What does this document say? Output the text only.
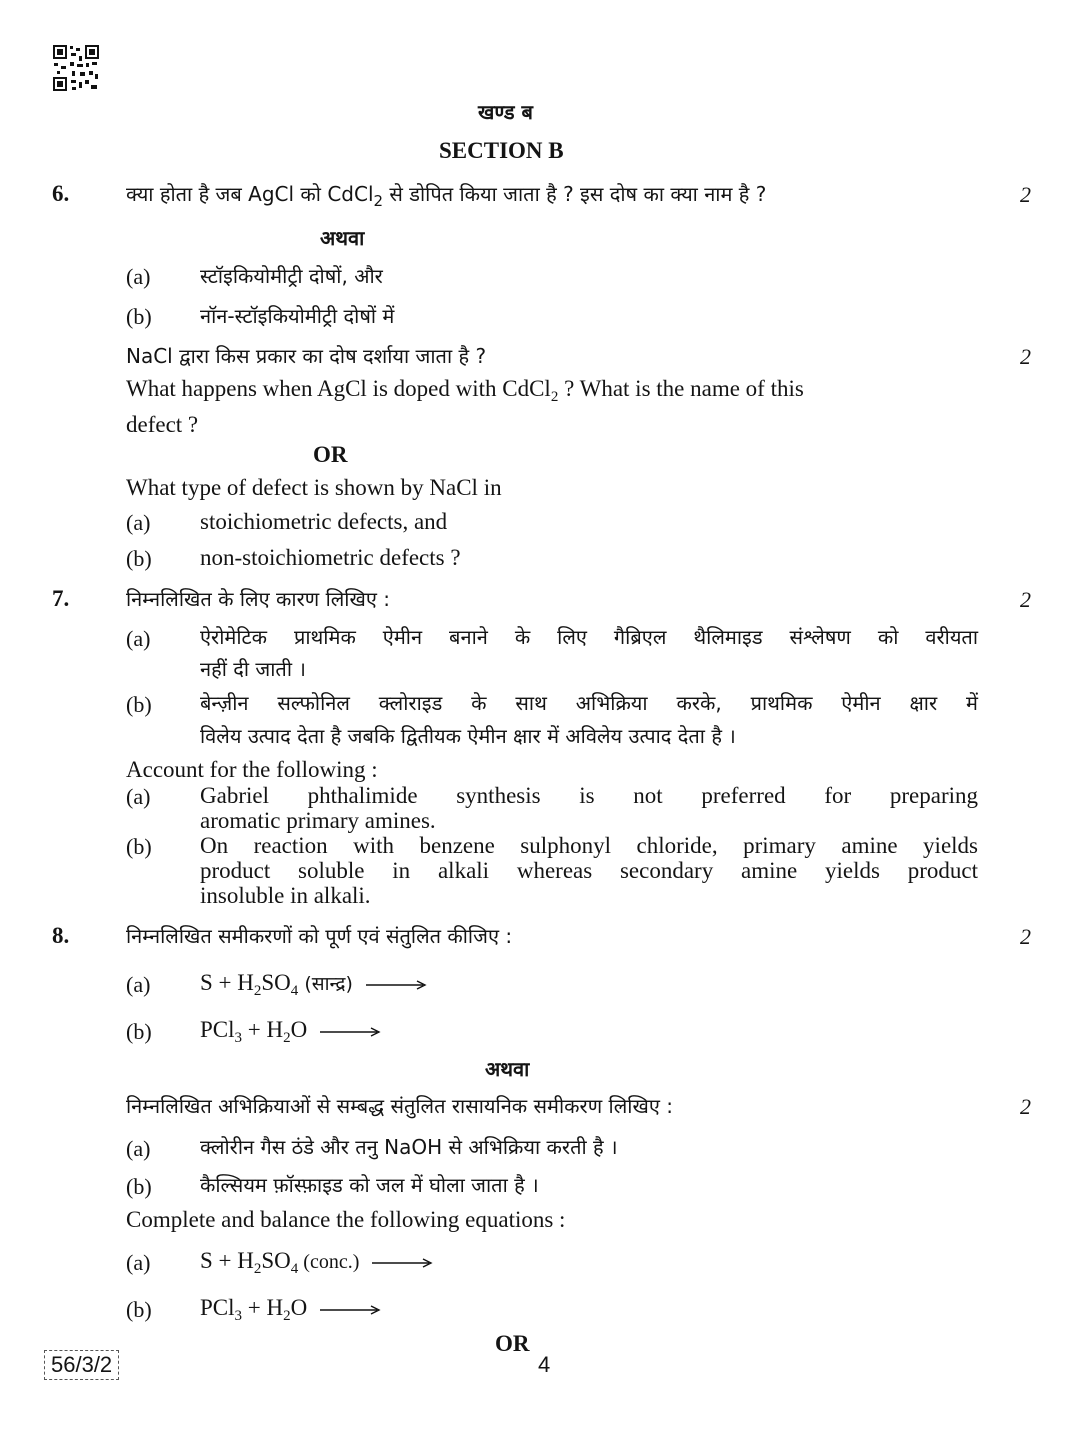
खण्ड ब
SECTION B
6.	क्या होता है जब AgCl को CdCl$_2$ से डोपित किया जाता है ? इस दोष का क्या नाम है ?	2
अथवा
(a) स्टॉइकियोमीट्री दोषों, और
(b) नॉन-स्टॉइकियोमीट्री दोषों में
NaCl द्वारा किस प्रकार का दोष दर्शाया जाता है ?	2
What happens when AgCl is doped with CdCl$_2$ ? What is the name of this
defect ?
OR
What type of defect is shown by NaCl in
(a) stoichiometric defects, and
(b) non-stoichiometric defects ?
7.	निम्नलिखित के लिए कारण लिखिए :	2
(a) ऐरोमेटिक प्राथमिक ऐमीन बनाने के लिए गैब्रिएल थैलिमाइड संश्लेषण को वरीयता
नहीं दी जाती ।
(b) बेन्ज़ीन सल्फोनिल क्लोराइड के साथ अभिक्रिया करके, प्राथमिक ऐमीन क्षार में
विलेय उत्पाद देता है जबकि द्वितीयक ऐमीन क्षार में अविलेय उत्पाद देता है ।
Account for the following :
(a) Gabriel phthalimide synthesis is not preferred for preparing
aromatic primary amines.
(b) On reaction with benzene sulphonyl chloride, primary amine yields
product soluble in alkali whereas secondary amine yields product
insoluble in alkali.
8.	निम्नलिखित समीकरणों को पूर्ण एवं संतुलित कीजिए :	2
(a) $S + H_2SO_4$ (सान्द्र)
(b) $PCl_3 + H_2O$
अथवा
निम्नलिखित अभिक्रियाओं से सम्बद्ध संतुलित रासायनिक समीकरण लिखिए :	2
(a) क्लोरीन गैस ठंडे और तनु NaOH से अभिक्रिया करती है ।
(b) कैल्सियम फ़ॉस्फ़ाइड को जल में घोला जाता है ।
Complete and balance the following equations :
(a) $S + H_2SO_4$ (conc.)
(b) $PCl_3 + H_2O$
OR
56/3/2	4
